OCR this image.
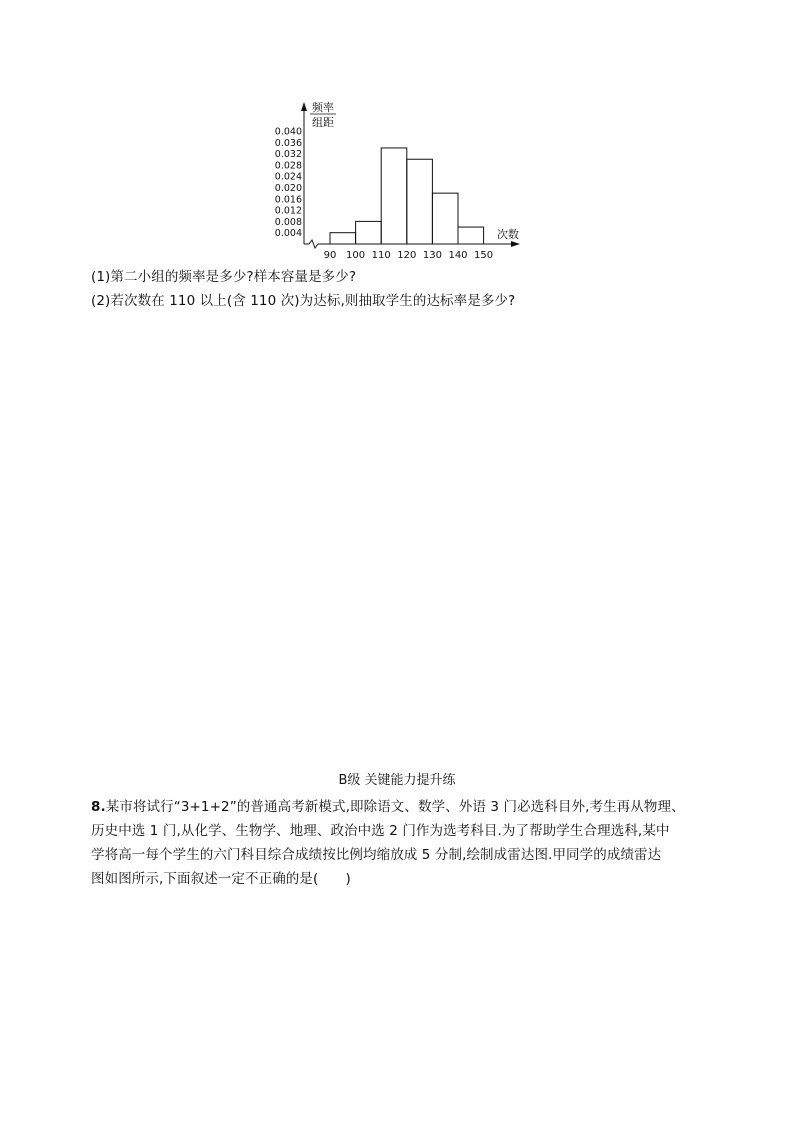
频率
组距
0.004
0.008
0.012
0.016
0.020
0.024
0.028
0.032
0.036
0.040
90 100 110 120 130 140 150
次数
(1)第二小组的频率是多少?样本容量是多少?
(2)若次数在 110 以上(含 110 次)为达标,则抽取学生的达标率是多少?
B级 关键能力提升练
8.某市将试行“3+1+2”的普通高考新模式,即除语文、数学、外语 3 门必选科目外,考生再从物理、
历史中选 1 门,从化学、生物学、地理、政治中选 2 门作为选考科目.为了帮助学生合理选科,某中
学将高一每个学生的六门科目综合成绩按比例均缩放成 5 分制,绘制成雷达图.甲同学的成绩雷达
图如图所示,下面叙述一定不正确的是(　　)
